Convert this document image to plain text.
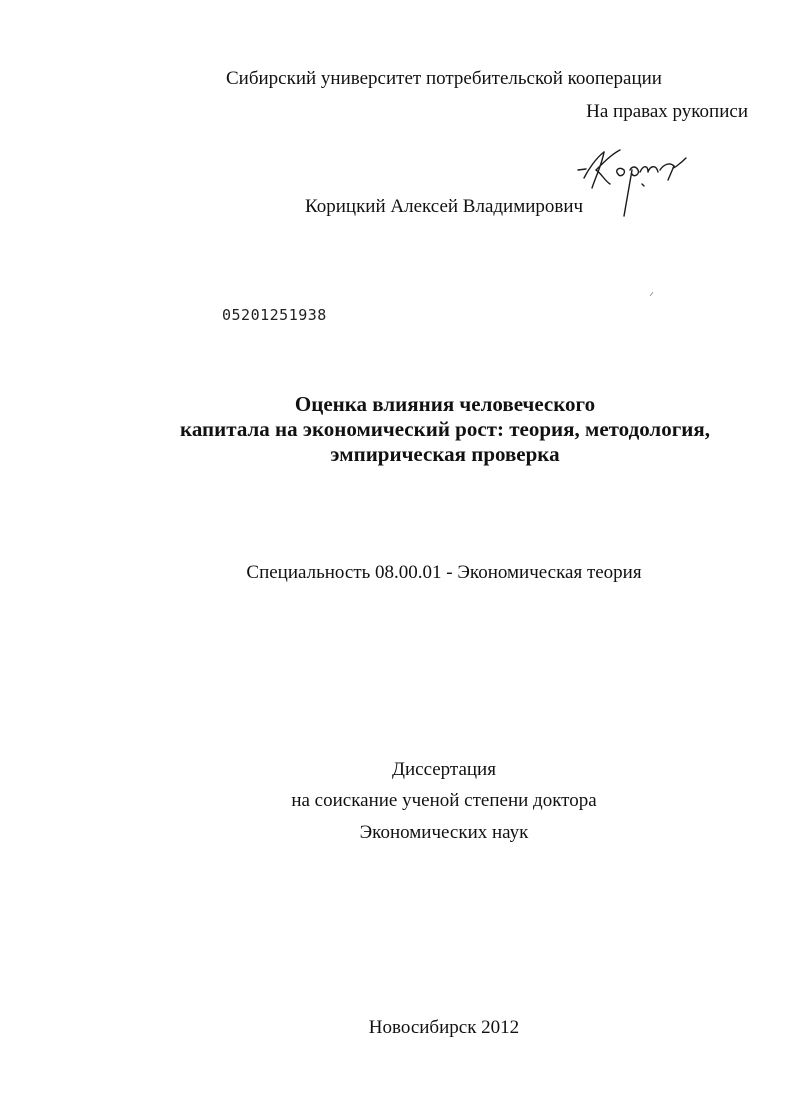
Сибирский университет потребительской кооперации
На правах рукописи
Корицкий Алексей Владимирович
05201251938
Оценка влияния человеческого
капитала на экономический рост: теория, методология,
эмпирическая проверка
Специальность 08.00.01 - Экономическая теория
Диссертация
на соискание ученой степени доктора
Экономических наук
Новосибирск 2012
